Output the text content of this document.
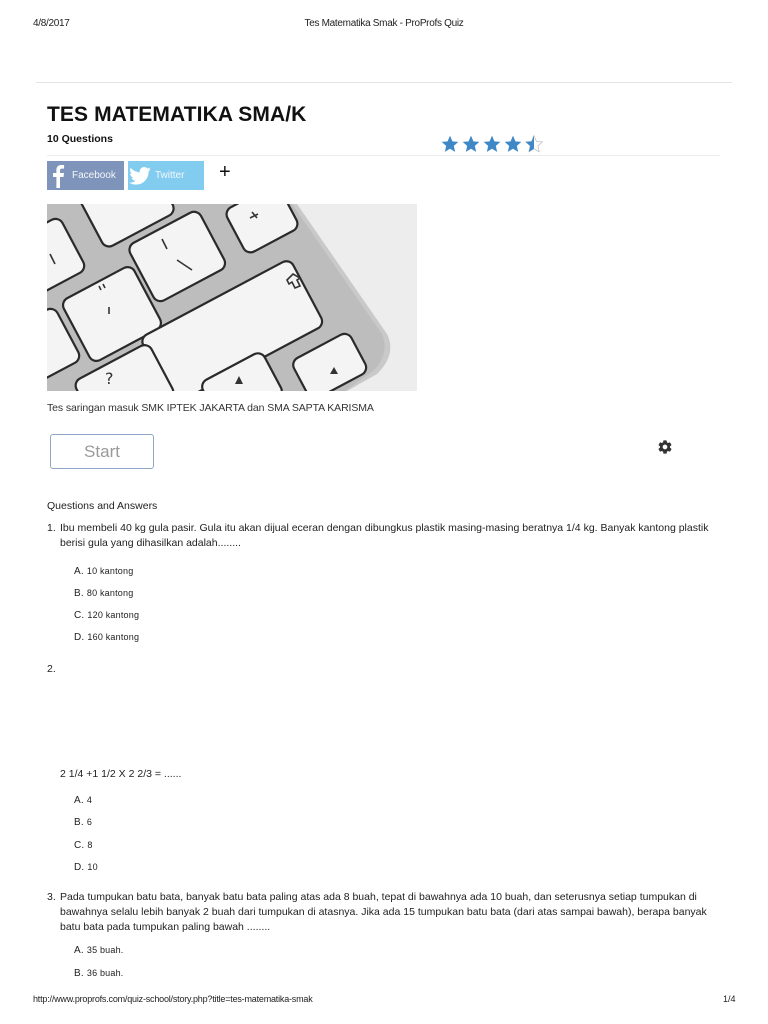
4/8/2017	Tes Matematika Smak - ProProfs Quiz
TES MATEMATIKA SMA/K
10 Questions
Facebook	Twitter +
?
Tes saringan masuk SMK IPTEK JAKARTA dan SMA SAPTA KARISMA
Start
Questions and Answers
1. Ibu membeli 40 kg gula pasir. Gula itu akan dijual eceran dengan dibungkus plastik masing-masing beratnya 1/4 kg. Banyak kantong plastik berisi gula yang dihasilkan adalah........
A. 10 kantong
B. 80 kantong
C. 120 kantong
D. 160 kantong
2.
2 1/4 +1 1/2 X 2 2/3 = ......
A. 4
B. 6
C. 8
D. 10
3. Pada tumpukan batu bata, banyak batu bata paling atas ada 8 buah, tepat di bawahnya ada 10 buah, dan seterusnya setiap tumpukan di bawahnya selalu lebih banyak 2 buah dari tumpukan di atasnya. Jika ada 15 tumpukan batu bata (dari atas sampai bawah), berapa banyak batu bata pada tumpukan paling bawah ........
A. 35 buah.
B. 36 buah.
http://www.proprofs.com/quiz-school/story.php?title=tes-matematika-smak	1/4
